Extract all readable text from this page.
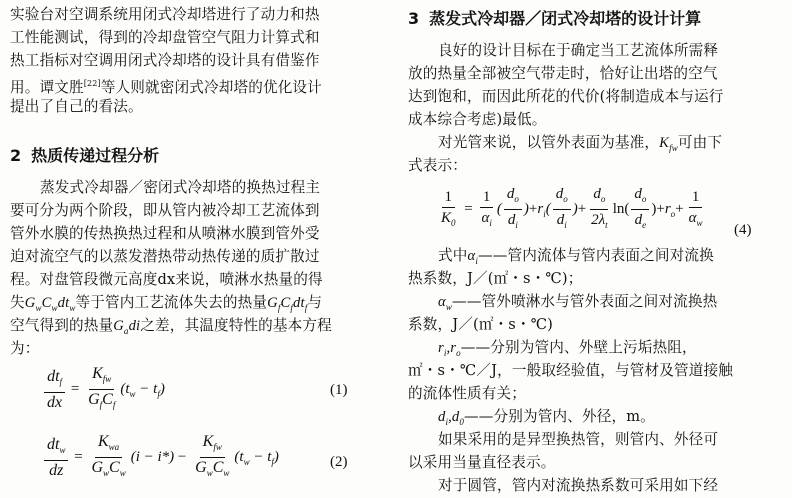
实验台对空调系统用闭式冷却塔进行了动力和热
工性能测试，得到的冷却盘管空气阻力计算式和
热工指标对空调用闭式冷却塔的设计具有借鉴作
用。谭文胜[22]等人则就密闭式冷却塔的优化设计
提出了自己的看法。
2 热质传递过程分析
蒸发式冷却器／密闭式冷却塔的换热过程主
要可分为两个阶段，即从管内被冷却工艺流体到
管外水膜的传热换热过程和从喷淋水膜到管外受
迫对流空气的以蒸发潜热带动热传递的质扩散过
程。对盘管段微元高度dx来说，喷淋水热量的得
失$G_wC_wdt_w$等于管内工艺流体失去的热量$G_fC_fdt_f$与
空气得到的热量$G_adi$之差，其温度特性的基本方程
为：
$\frac{dt_f}{dx} = \frac{K_{fw}}{G_fC_f} (t_w - t_f)$	(1)
$\frac{dt_w}{dz} = \frac{K_{wa}}{G_wC_w} (i - i*) - \frac{K_{fw}}{G_wC_w} (t_w - t_f)$	(2)
3 蒸发式冷却器／闭式冷却塔的设计计算
良好的设计目标在于确定当工艺流体所需释
放的热量全部被空气带走时，恰好让出塔的空气
达到饱和，而因此所花的代价(将制造成本与运行
成本综合考虑)最低。
对光管来说，以管外表面为基准，$K_{fw}$可由下
式表示：
$\frac{1}{K_0} = \frac{1}{\alpha_i}$ ( $\frac{d_o}{d_i}$ ) + $r_i( \frac{d_o}{d_i}$ ) + $\frac{d_o}{2\lambda_t} \ln( \frac{d_o}{d_e}$ ) + $r_o + \frac{1}{\alpha_w} (4)$
式中$\alpha_i——$管内流体与管内表面之间对流换
热系数，J／(㎡・s・℃)；
$\alpha_w——$管外喷淋水与管外表面之间对流换热
系数，J／(㎡・s・℃)
$r_i,r_o——$分别为管内、外壁上污垢热阻，
㎡・s・℃／J，一般取经验值，与管材及管道接触
的流体性质有关；
$d_i,d_0——$分别为管内、外径，m。
如果采用的是异型换热管，则管内、外径可
以采用当量直径表示。
对于圆管，管内对流换热系数可采用如下经
